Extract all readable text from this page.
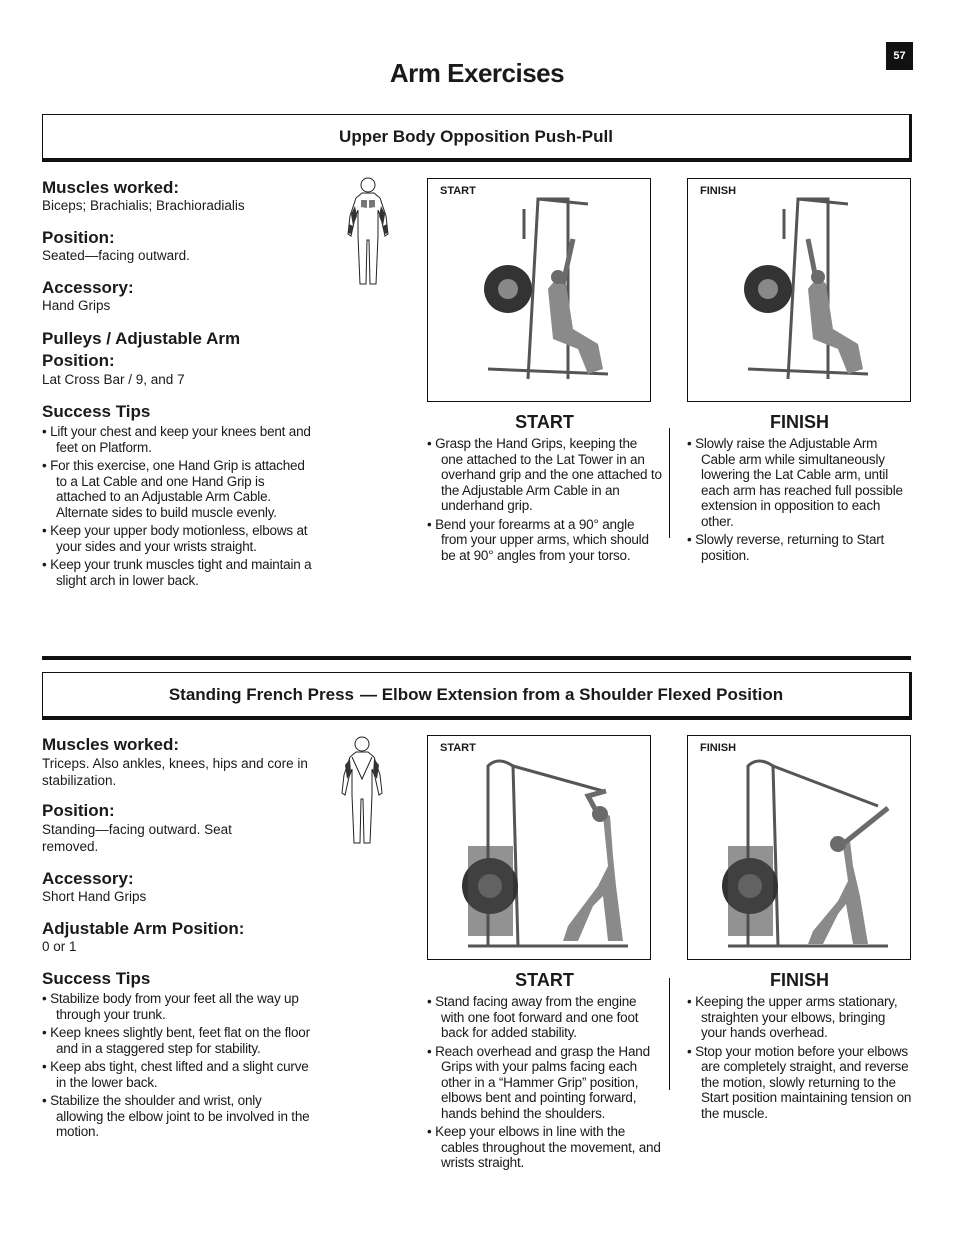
57
Arm Exercises
Upper Body Opposition Push-Pull

Muscles worked:

Biceps; Brachialis; Brachioradialis

Position:

Seated—facing outward.

Accessory:

Hand Grips

Pulleys / Adjustable Arm Position:

Lat Cross Bar / 9, and 7

Success Tips

• Lift your chest and keep your knees bent and feet on Platform.
• For this exercise, one Hand Grip is attached to a Lat Cable and one Hand Grip is attached to an Adjustable Arm Cable. Alternate sides to build muscle evenly.
• Keep your upper body motionless, elbows at your sides and your wrists straight.
• Keep your trunk muscles tight and maintain a slight arch in lower back.
START	FINISH
START
• Grasp the Hand Grips, keeping the one attached to the Lat Tower in an overhand grip and the one attached to the Adjustable Arm Cable in an underhand grip.
• Bend your forearms at a 90° angle from your upper arms, which should be at 90° angles from your torso.
FINISH
• Slowly raise the Adjustable Arm Cable arm while simultaneously lowering the Lat Cable arm, until each arm has reached full possible extension in opposition to each other.
• Slowly reverse, returning to Start position.
Standing French Press — Elbow Extension from a Shoulder Flexed Position

Muscles worked:

Triceps. Also ankles, knees, hips and core in stabilization.

Position:

Standing—facing outward. Seat removed.

Accessory:

Short Hand Grips

Adjustable Arm Position:

0 or 1

Success Tips

• Stabilize body from your feet all the way up through your trunk.
• Keep knees slightly bent, feet flat on the floor and in a staggered step for stability.
• Keep abs tight, chest lifted and a slight curve in the lower back.
• Stabilize the shoulder and wrist, only allowing the elbow joint to be involved in the motion.
START	FINISH
START
• Stand facing away from the engine with one foot forward and one foot back for added stability.
• Reach overhead and grasp the Hand Grips with your palms facing each other in a “Hammer Grip” position, elbows bent and pointing forward, hands behind the shoulders.
• Keep your elbows in line with the cables throughout the movement, and wrists straight.
FINISH
• Keeping the upper arms stationary, straighten your elbows, bringing your hands overhead.
• Stop your motion before your elbows are completely straight, and reverse the motion, slowly returning to the Start position maintaining tension on the muscle.
